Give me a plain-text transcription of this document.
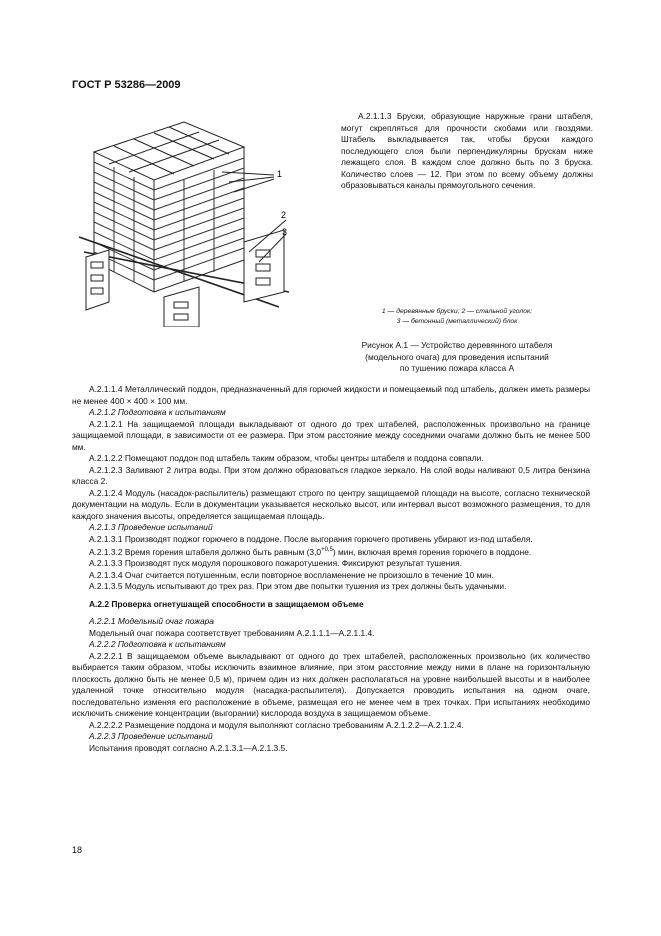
ГОСТ Р 53286—2009
1
2
3

А.2.1.1.3 Бруски, образующие наружные грани штабеля, могут скрепляться для прочности скобами или гвоздями. Штабель выкладывается так, чтобы бруски каждого последующего слоя были перпендикулярны брускам ниже лежащего слоя. В каждом слое должно быть по 3 бруска. Количество слоев — 12. При этом по всему объему должны образовываться каналы прямоугольного сечения.

1 — деревянные бруски; 2 — стальной уголок;
3 — бетонный (металлический) блок
Рисунок А.1 — Устройство деревянного штабеля
(модельного очага) для проведения испытаний
по тушению пожара класса А

А.2.1.1.4 Металлический поддон, предназначенный для горючей жидкости и помещаемый под штабель, должен иметь размеры не менее 400 × 400 × 100 мм.

А.2.1.2 Подготовка к испытаниям

А.2.1.2.1 На защищаемой площади выкладывают от одного до трех штабелей, расположенных произвольно на границе защищаемой площади, в зависимости от ее размера. При этом расстояние между соседними очагами должно быть не менее 500 мм.

А.2.1.2.2 Помещают поддон под штабель таким образом, чтобы центры штабеля и поддона совпали.

А.2.1.2.3 Заливают 2 литра воды. При этом должно образоваться гладкое зеркало. На слой воды наливают 0,5 литра бензина класса 2.

А.2.1.2.4 Модуль (насадок-распылитель) размещают строго по центру защищаемой площади на высоте, согласно технической документации на модуль. Если в документации указывается несколько высот, или интервал высот возможного размещения, то для каждого значения высоты, определяется защищаемая площадь.

А.2.1.3 Проведение испытаний

А.2.1.3.1 Производят поджог горючего в поддоне. После выгорания горючего противень убирают из-под штабеля.

А.2.1.3.2 Время горения штабеля должно быть равным $(3,0^{+0,5})$ мин, включая время горения горючего в поддоне.

А.2.1.3.3 Производят пуск модуля порошкового пожаротушения. Фиксируют результат тушения.

А.2.1.3.4 Очаг считается потушенным, если повторное воспламенение не произошло в течение 10 мин.

А.2.1.3.5 Модуль испытывают до трех раз. При этом две попытки тушения из трех должны быть удачными.

А.2.2 Проверка огнетушащей способности в защищаемом объеме

А.2.2.1 Модельный очаг пожара

Модельный очаг пожара соответствует требованиям А.2.1.1.1—А.2.1.1.4.

А.2.2.2 Подготовка к испытаниям

А.2.2.2.1 В защищаемом объеме выкладывают от одного до трех штабелей, расположенных произвольно (их количество выбирается таким образом, чтобы исключить взаимное влияние, при этом расстояние между ними в плане на горизонтальную плоскость должно быть не менее 0,5 м), причем один из них должен располагаться на уровне наибольшей высоты и в наиболее удаленной точке относительно модуля (насадка-распылителя). Допускается проводить испытания на одном очаге, последовательно изменяя его расположение в объеме, размещая его не менее чем в трех точках. При испытаниях необходимо исключить снижение концентрации (выгорании) кислорода воздуха в защищаемом объеме.

А.2.2.2.2 Размещение поддона и модуля выполняют согласно требованиям А.2.1.2.2—А.2.1.2.4.

А.2.2.3 Проведение испытаний

Испытания проводят согласно А.2.1.3.1—А.2.1.3.5.

18
